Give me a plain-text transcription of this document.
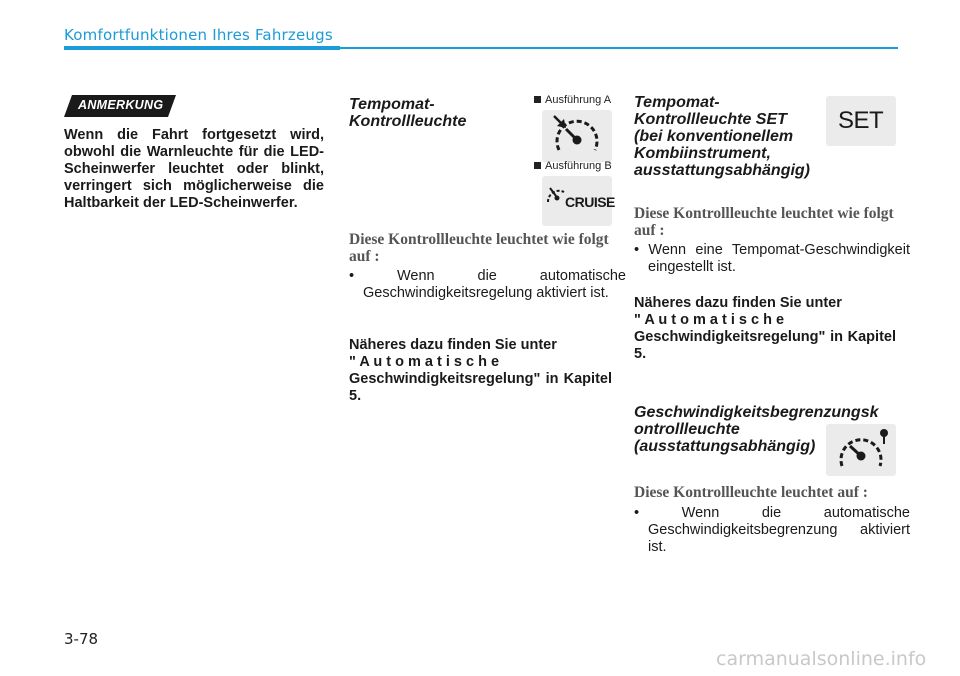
Komfortfunktionen Ihres Fahrzeugs
ANMERKUNG
Wenn die Fahrt fortgesetzt wird, obwohl die Warnleuchte für die LED-Scheinwerfer leuchtet oder blinkt, verringert sich möglicherweise die Haltbarkeit der LED-Scheinwerfer.
Tempomat-Kontrollleuchte
Ausführung A
Ausführung B
CRUISE
Diese Kontrollleuchte leuchtet wie folgt auf :
• Wenn die automatische Geschwindigkeitsregelung aktiviert ist.
Näheres dazu finden Sie unter
" A u t o m a t i s c h e
Geschwindigkeitsregelung" in Kapitel 5.
Tempomat-
Kontrollleuchte SET
(bei konventionellem
Kombiinstrument,
ausstattungsabhängig)
SET
Diese Kontrollleuchte leuchtet wie folgt auf :
• Wenn eine Tempomat-Geschwindigkeit eingestellt ist.
Näheres dazu finden Sie unter
" A u t o m a t i s c h e
Geschwindigkeitsregelung" in Kapitel 5.
Geschwindigkeitsbegrenzungsk
ontrollleuchte
(ausstattungsabhängig)
Diese Kontrollleuchte leuchtet auf :
• Wenn die automatische Geschwindigkeitsbegrenzung aktiviert ist.
3-78
carmanualsonline.info
